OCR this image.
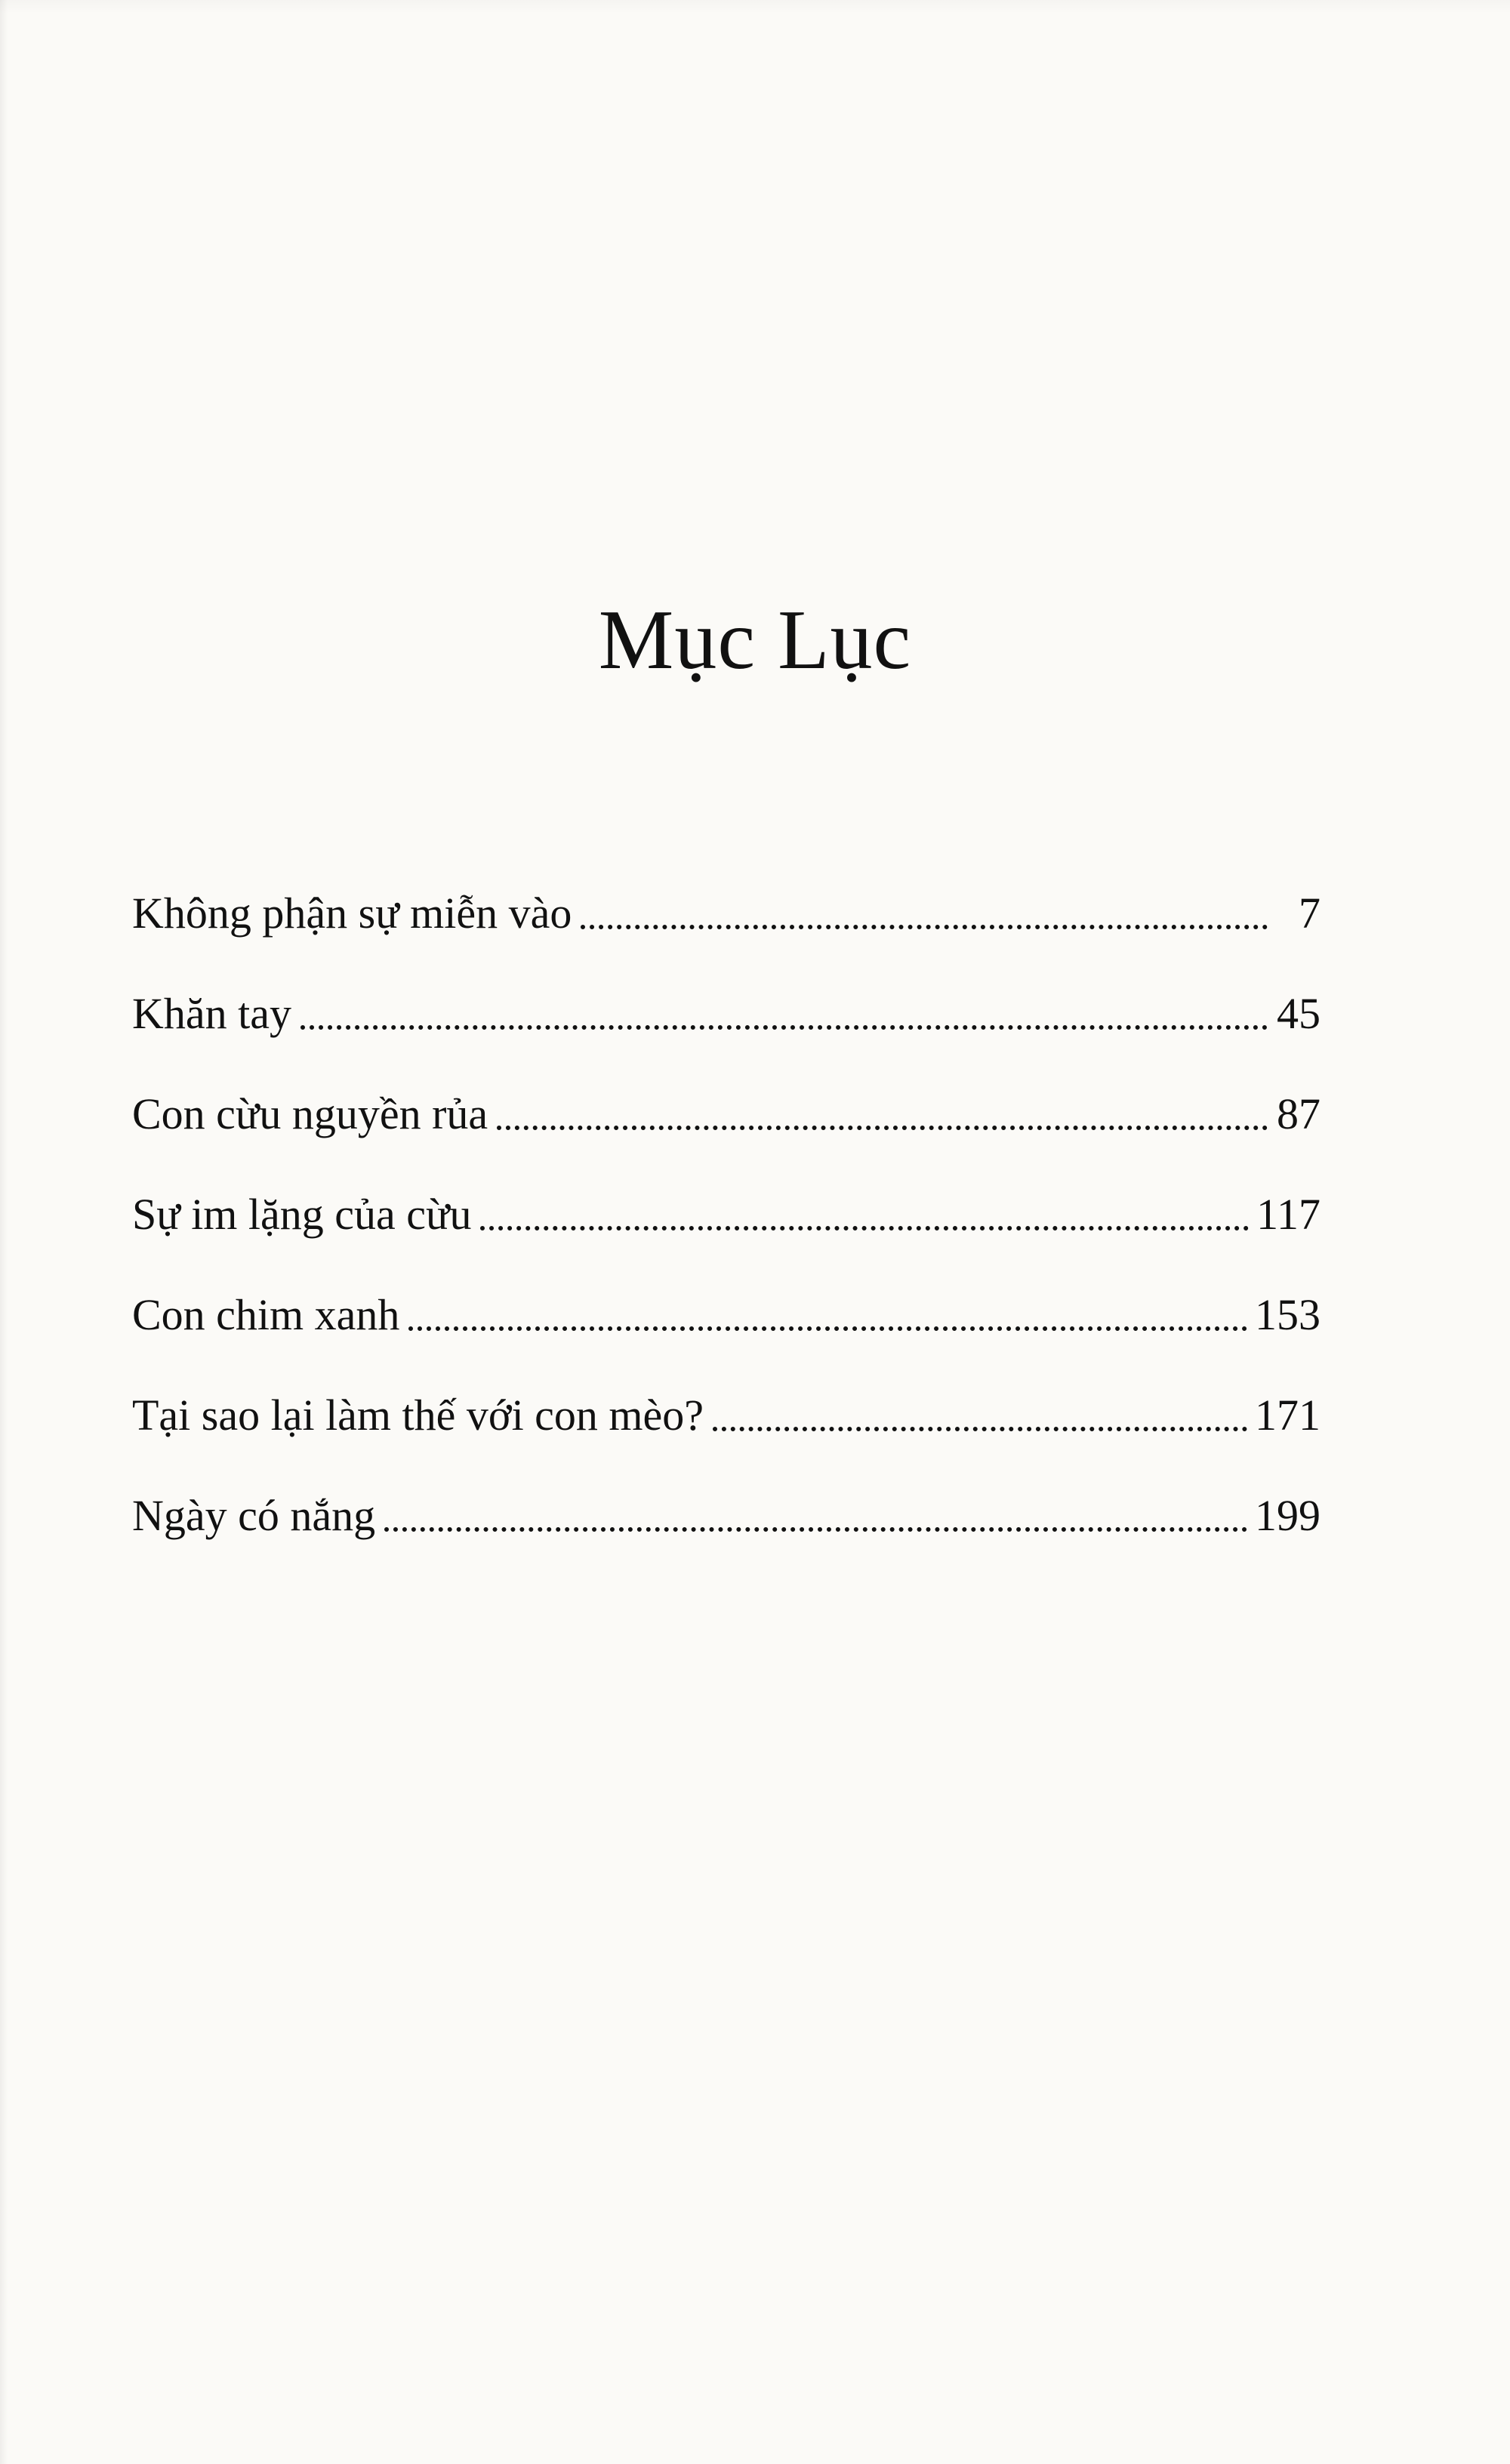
Mục Lục
Không phận sự miễn vào	7
Khăn tay	45
Con cừu nguyền rủa	87
Sự im lặng của cừu	117
Con chim xanh	153
Tại sao lại làm thế với con mèo?	171
Ngày có nắng	199
